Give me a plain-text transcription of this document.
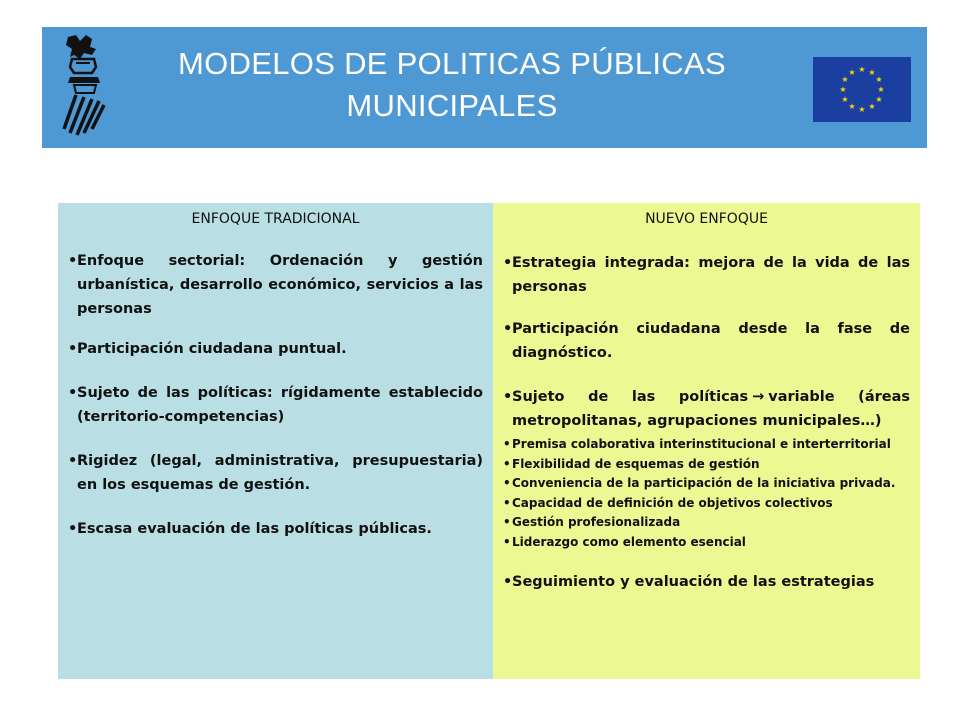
MODELOS DE POLITICAS PÚBLICAS
MUNICIPALES
★ ★
★
★
★
★
★
★
★
★
★
★
ENFOQUE TRADICIONAL
• Enfoque sectorial: Ordenación y gestión urbanística, desarrollo económico, servicios a las personas
• Participación ciudadana puntual.
• Sujeto de las políticas: rígidamente establecido (territorio-competencias)
• Rigidez (legal, administrativa, presupuestaria) en los esquemas de gestión.
• Escasa evaluación de las políticas públicas.
NUEVO ENFOQUE
• Estrategia integrada: mejora de la vida de las personas
• Participación ciudadana desde la fase de diagnóstico.
• Sujeto de las políticas → variable (áreas metropolitanas, agrupaciones municipales…)
• Premisa colaborativa interinstitucional e interterritorial
• Flexibilidad de esquemas de gestión
• Conveniencia de la participación de la iniciativa privada.
• Capacidad de definición de objetivos colectivos
• Gestión profesionalizada
• Liderazgo como elemento esencial
• Seguimiento y evaluación de las estrategias
